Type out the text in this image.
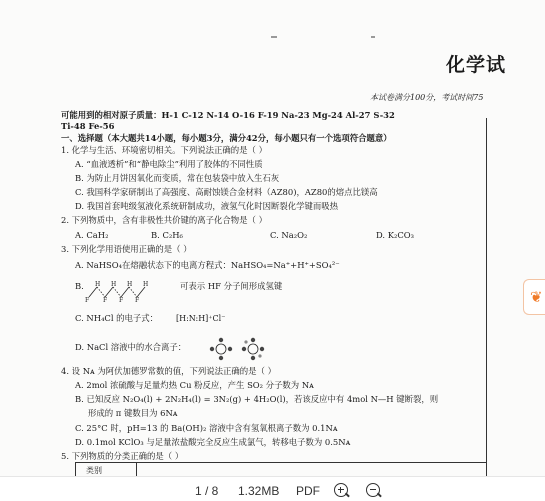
化学试
本试卷满分100分，考试时间75
可能用到的相对原子质量：H-1 C-12 N-14 O-16 F-19 Na-23 Mg-24 Al-27 S-32
Ti-48 Fe-56
一、选择题（本大题共14小题，每小题3分，满分42分，每小题只有一个选项符合题意）
1. 化学与生活、环境密切相关。下列说法正确的是（ ）
A. “血液透析”和“静电除尘”利用了胶体的不同性质
B. 为防止月饼因氧化而变质，常在包装袋中放入生石灰
C. 我国科学家研制出了高强度、高耐蚀镁合金材料（AZ80)，AZ80的熔点比镁高
D. 我国首套吨级氢液化系统研制成功，液氢气化时因断裂化学键而吸热
2. 下列物质中，含有非极性共价键的离子化合物是（ ）
A. CaH₂	B. C₂H₆	C. Na₂O₂	D. K₂CO₃
3. 下列化学用语使用正确的是（ ）
A. NaHSO₄在熔融状态下的电离方程式：NaHSO₄=Na⁺+H⁺+SO₄²⁻
B.
F
H
F
H
F
H
F
H	可表示 HF 分子间形成氢键
C. NH₄Cl 的电子式： [H:N:H]⁺Cl⁻
D. NaCl 溶液中的水合离子：
4. 设 Nᴀ 为阿伏加德罗常数的值，下列说法正确的是（ ）
A. 2mol 浓硫酸与足量灼热 Cu 粉反应，产生 SO₂ 分子数为 Nᴀ
B. 已知反应 N₂O₄(l) + 2N₂H₄(l) = 3N₂(g) + 4H₂O(l)，若该反应中有 4mol N—H 键断裂，则
形成的 π 键数目为 6Nᴀ
C. 25°C 时，pH=13 的 Ba(OH)₂ 溶液中含有氢氧根离子数为 0.1Nᴀ
D. 0.1mol KClO₃ 与足量浓盐酸完全反应生成氯气，转移电子数为 0.5Nᴀ
5. 下列物质的分类正确的是（ ）
类别
❦
1 / 8 1.32MB PDF
